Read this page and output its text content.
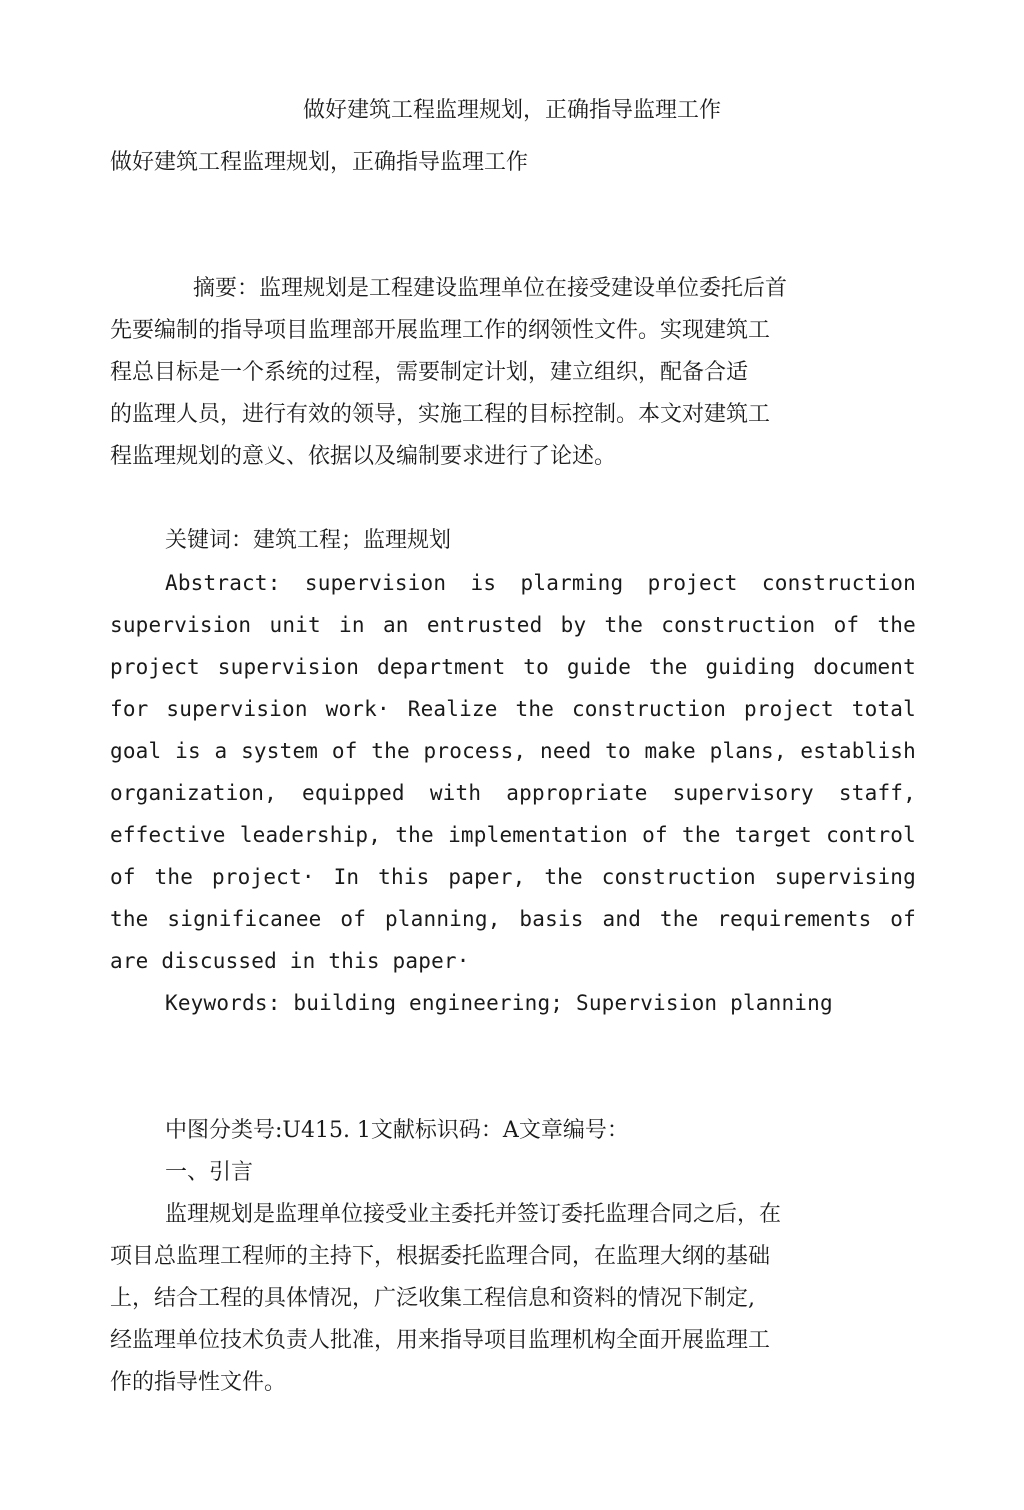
做好建筑工程监理规划，正确指导监理工作
做好建筑工程监理规划，正确指导监理工作
摘要：监理规划是工程建设监理单位在接受建设单位委托后首
先要编制的指导项目监理部开展监理工作的纲领性文件。实现建筑工
程总目标是一个系统的过程，需要制定计划，建立组织，配备合适
的监理人员，进行有效的领导，实施工程的目标控制。本文对建筑工
程监理规划的意义、依据以及编制要求进行了论述。
关键词：建筑工程；监理规划
Abstract: supervision is plarming project construction
supervision unit in an entrusted by the construction of the
project supervision department to guide the guiding document
for supervision work· Realize the construction project total
goal is a system of the process, need to make plans, establish
organization, equipped with appropriate supervisory staff,
effective leadership, the implementation of the target control
of the project· In this paper, the construction supervising
the significanee of planning, basis and the requirements of
are discussed in this paper·
Keywords: building engineering; Supervision planning
中图分类号:U415. 1文献标识码：A文章编号：
一、引言
监理规划是监理单位接受业主委托并签订委托监理合同之后，在
项目总监理工程师的主持下，根据委托监理合同，在监理大纲的基础
上，结合工程的具体情况，广泛收集工程信息和资料的情况下制定,
经监理单位技术负责人批准，用来指导项目监理机构全面开展监理工
作的指导性文件。
